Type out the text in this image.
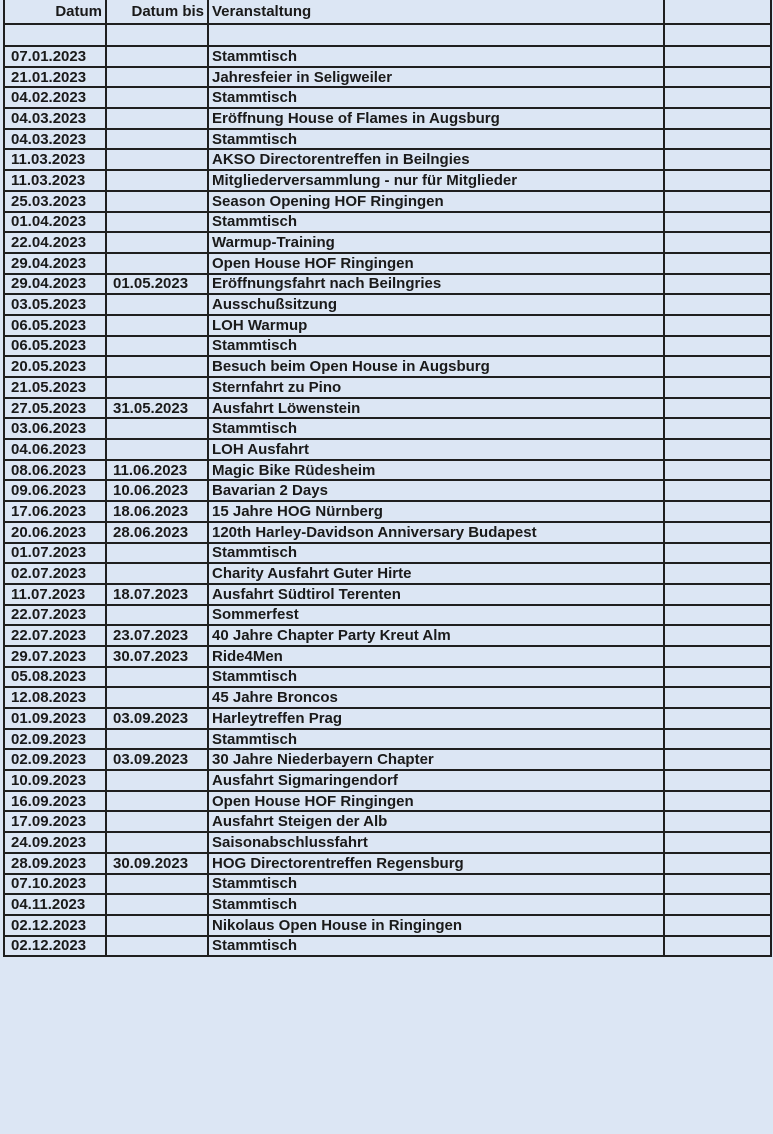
Datum	Datum bis	Veranstaltung	

07.01.2023		Stammtisch	
21.01.2023		Jahresfeier in Seligweiler	
04.02.2023		Stammtisch	
04.03.2023		Eröffnung House of Flames in Augsburg	
04.03.2023		Stammtisch	
11.03.2023		AKSO Directorentreffen in Beilngies	
11.03.2023		Mitgliederversammlung - nur für Mitglieder	
25.03.2023		Season Opening HOF Ringingen	
01.04.2023		Stammtisch	
22.04.2023		Warmup-Training	
29.04.2023		Open House HOF Ringingen	
29.04.2023	01.05.2023	Eröffnungsfahrt nach Beilngries	
03.05.2023		Ausschußsitzung	
06.05.2023		LOH Warmup	
06.05.2023		Stammtisch	
20.05.2023		Besuch beim Open House in Augsburg	
21.05.2023		Sternfahrt zu Pino	
27.05.2023	31.05.2023	Ausfahrt Löwenstein	
03.06.2023		Stammtisch	
04.06.2023		LOH Ausfahrt	
08.06.2023	11.06.2023	Magic Bike Rüdesheim	
09.06.2023	10.06.2023	Bavarian 2 Days	
17.06.2023	18.06.2023	15 Jahre HOG Nürnberg	
20.06.2023	28.06.2023	120th Harley-Davidson Anniversary Budapest	
01.07.2023		Stammtisch	
02.07.2023		Charity Ausfahrt Guter Hirte	
11.07.2023	18.07.2023	Ausfahrt Südtirol Terenten	
22.07.2023		Sommerfest	
22.07.2023	23.07.2023	40 Jahre Chapter Party Kreut Alm	
29.07.2023	30.07.2023	Ride4Men	
05.08.2023		Stammtisch	
12.08.2023		45 Jahre Broncos	
01.09.2023	03.09.2023	Harleytreffen Prag	
02.09.2023		Stammtisch	
02.09.2023	03.09.2023	30 Jahre Niederbayern Chapter	
10.09.2023		Ausfahrt Sigmaringendorf	
16.09.2023		Open House HOF Ringingen	
17.09.2023		Ausfahrt Steigen der Alb	
24.09.2023		Saisonabschlussfahrt	
28.09.2023	30.09.2023	HOG Directorentreffen Regensburg	
07.10.2023		Stammtisch	
04.11.2023		Stammtisch	
02.12.2023		Nikolaus Open House in Ringingen	
02.12.2023		Stammtisch	
